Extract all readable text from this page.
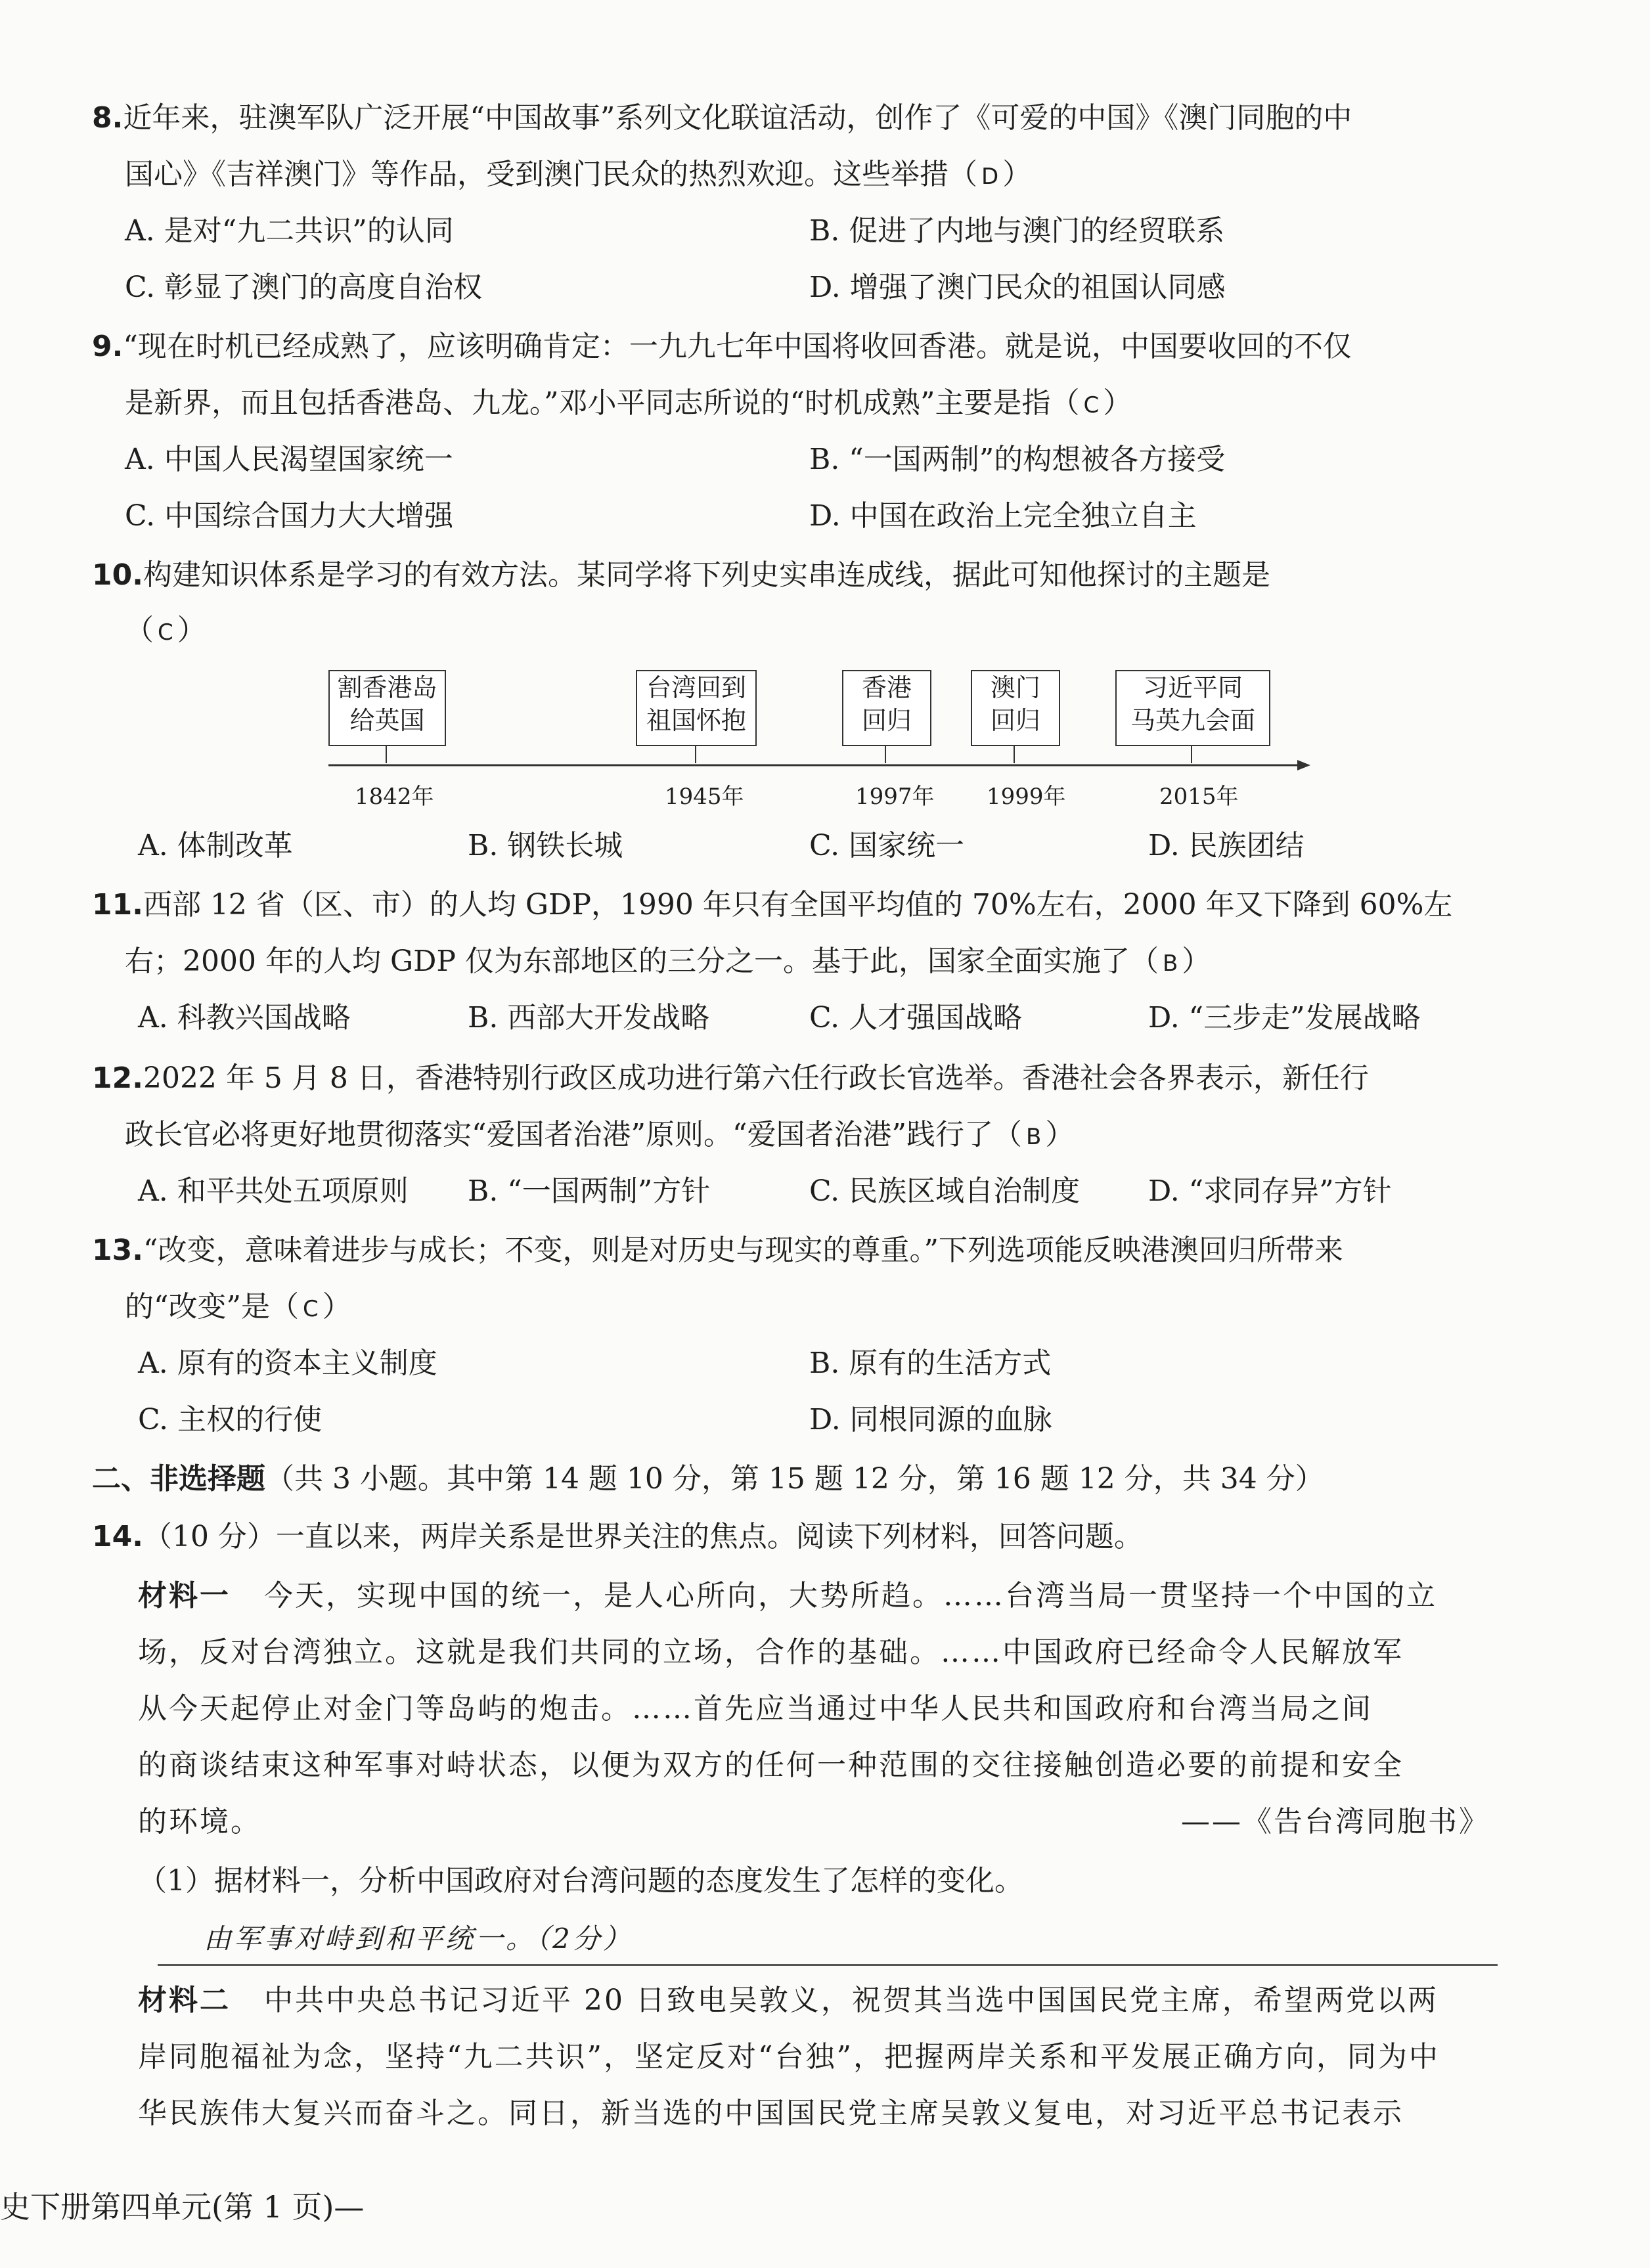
8.近年来，驻澳军队广泛开展“中国故事”系列文化联谊活动，创作了《可爱的中国》《澳门同胞的中
国心》《吉祥澳门》等作品，受到澳门民众的热烈欢迎。这些举措（ D ）
A. 是对“九二共识”的认同	B. 促进了内地与澳门的经贸联系
C. 彰显了澳门的高度自治权	D. 增强了澳门民众的祖国认同感
9.“现在时机已经成熟了，应该明确肯定：一九九七年中国将收回香港。就是说，中国要收回的不仅
是新界，而且包括香港岛、九龙。”邓小平同志所说的“时机成熟”主要是指（ C ）
A. 中国人民渴望国家统一	B. “一国两制”的构想被各方接受
C. 中国综合国力大大增强	D. 中国在政治上完全独立自主
10.构建知识体系是学习的有效方法。某同学将下列史实串连成线，据此可知他探讨的主题是
（ C ）
割香港岛
给英国
1842年
台湾回到
祖国怀抱
1945年
香港
回归
1997年
澳门
回归
1999年
习近平同
马英九会面
2015年
A. 体制改革	B. 钢铁长城	C. 国家统一	D. 民族团结
11.西部 12 省（区、市）的人均 GDP，1990 年只有全国平均值的 70%左右，2000 年又下降到 60%左
右；2000 年的人均 GDP 仅为东部地区的三分之一。基于此，国家全面实施了（ B ）
A. 科教兴国战略	B. 西部大开发战略	C. 人才强国战略	D. “三步走”发展战略
12.2022 年 5 月 8 日，香港特别行政区成功进行第六任行政长官选举。香港社会各界表示，新任行
政长官必将更好地贯彻落实“爱国者治港”原则。“爱国者治港”践行了（ B ）
A. 和平共处五项原则 B. “一国两制”方针	C. 民族区域自治制度 D. “求同存异”方针
13.“改变，意味着进步与成长；不变，则是对历史与现实的尊重。”下列选项能反映港澳回归所带来
的“改变”是（ C ）
A. 原有的资本主义制度	B. 原有的生活方式
C. 主权的行使	D. 同根同源的血脉
二、非选择题（共 3 小题。其中第 14 题 10 分，第 15 题 12 分，第 16 题 12 分，共 34 分）
14.（10 分）一直以来，两岸关系是世界关注的焦点。阅读下列材料，回答问题。
材料一 今天，实现中国的统一，是人心所向，大势所趋。……台湾当局一贯坚持一个中国的立
场，反对台湾独立。这就是我们共同的立场，合作的基础。……中国政府已经命令人民解放军
从今天起停止对金门等岛屿的炮击。……首先应当通过中华人民共和国政府和台湾当局之间
的商谈结束这种军事对峙状态，以便为双方的任何一种范围的交往接触创造必要的前提和安全
的环境。	——《告台湾同胞书》
（1）据材料一，分析中国政府对台湾问题的态度发生了怎样的变化。
由军事对峙到和平统一。（2分）
材料二 中共中央总书记习近平 20 日致电吴敦义，祝贺其当选中国国民党主席，希望两党以两
岸同胞福祉为念，坚持“九二共识”，坚定反对“台独”，把握两岸关系和平发展正确方向，同为中
华民族伟大复兴而奋斗之。同日，新当选的中国国民党主席吴敦义复电，对习近平总书记表示
史下册第四单元(第 1 页)—
